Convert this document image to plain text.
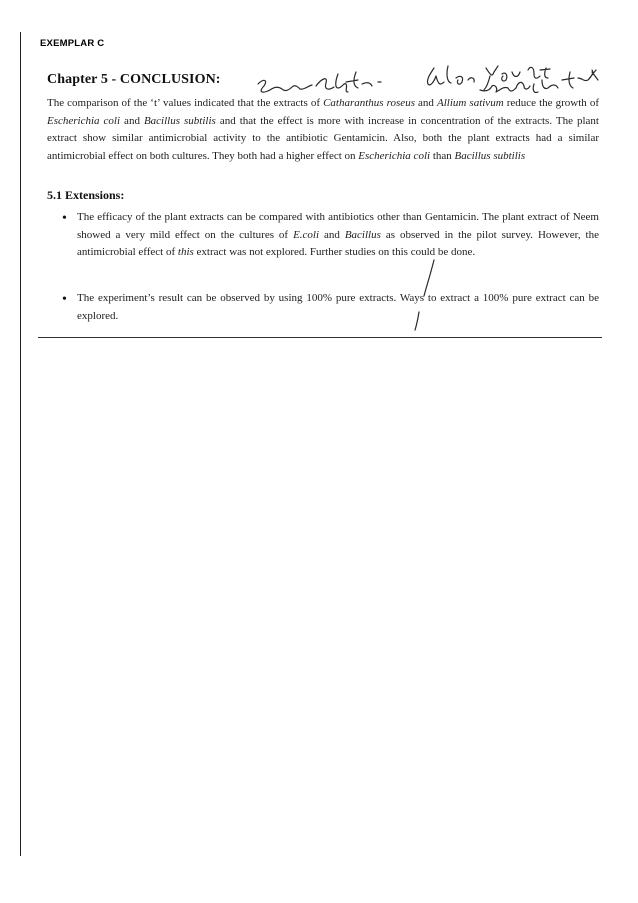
EXEMPLAR C
Chapter 5 - CONCLUSION:
The comparison of the ‘t’ values indicated that the extracts of Catharanthus roseus and Allium sativum reduce the growth of Escherichia coli and Bacillus subtilis and that the effect is more with increase in concentration of the extracts. The plant extract show similar antimicrobial activity to the antibiotic Gentamicin. Also, both the plant extracts had a similar antimicrobial effect on both cultures. They both had a higher effect on Escherichia coli than Bacillus subtilis
5.1 Extensions:
• The efficacy of the plant extracts can be compared with antibiotics other than Gentamicin. The plant extract of Neem showed a very mild effect on the cultures of E.coli and Bacillus as observed in the pilot survey. However, the antimicrobial effect of this extract was not explored. Further studies on this could be done.
• The experiment’s result can be observed by using 100% pure extracts. Ways to extract a 100% pure extract can be explored.
